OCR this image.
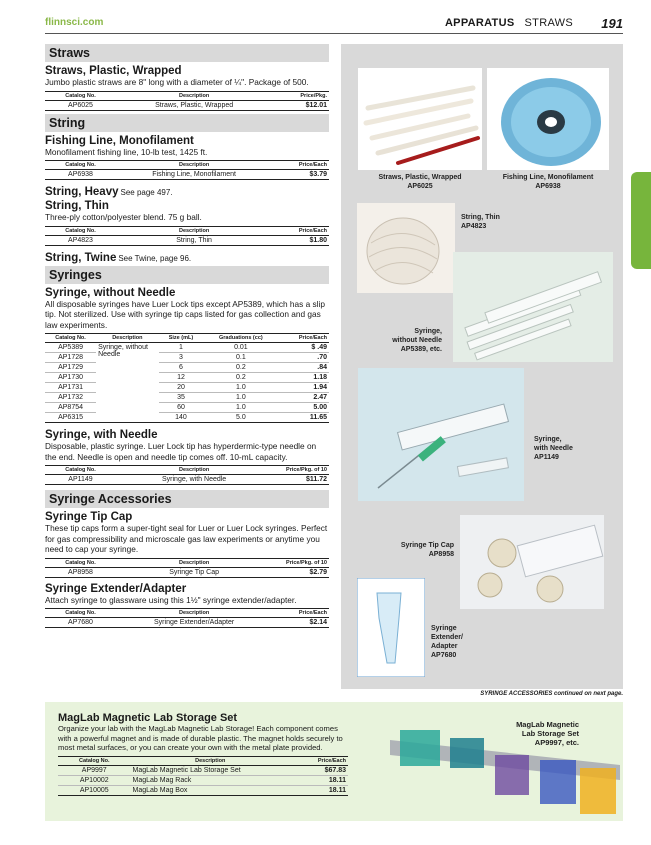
flinnsci.com	APPARATUS STRAWS 191
Straws
Straws, Plastic, Wrapped
Jumbo plastic straws are 8" long with a diameter of ¼". Package of 500.
Catalog No.	Description	Price/Pkg.
AP6025	Straws, Plastic, Wrapped	$12.01
String
Fishing Line, Monofilament
Monofilament fishing line, 10-lb test, 1425 ft.
Catalog No.	Description	Price/Each
AP6938	Fishing Line, Monofilament	$3.79
String, Heavy See page 497.
String, Thin
Three-ply cotton/polyester blend. 75 g ball.
Catalog No.	Description	Price/Each
AP4823	String, Thin	$1.80
String, Twine See Twine, page 96.
Syringes
Syringe, without Needle
All disposable syringes have Luer Lock tips except AP5389, which has a slip tip. Not sterilized. Use with syringe tip caps listed for gas collection and gas law experiments.
Catalog No.	Description	Size (mL)	Graduations (cc)	Price/Each
AP5389	Syringe, without Needle	1	0.01	$ .49
AP1728		3	0.1	.70
AP1729		6	0.2	.84
AP1730		12	0.2	1.18
AP1731		20	1.0	1.94
AP1732		35	1.0	2.47
AP8754		60	1.0	5.00
AP6315		140	5.0	11.65
Syringe, with Needle
Disposable, plastic syringe. Luer Lock tip has hyperdermic-type needle on the end. Needle is open and needle tip comes off. 10-mL capacity.
Catalog No.	Description	Price/Pkg. of 10
AP1149	Syringe, with Needle	$11.72
Syringe Accessories
Syringe Tip Cap
These tip caps form a super-tight seal for Luer or Luer Lock syringes. Perfect for gas compressibility and microscale gas law experiments or anytime you need to cap your syringe.
Catalog No.	Description	Price/Pkg. of 10
AP8958	Syringe Tip Cap	$2.79
Syringe Extender/Adapter
Attach syringe to glassware using this 1½" syringe extender/adapter.
Catalog No.	Description	Price/Each
AP7680	Syringe Extender/Adapter	$2.14
Straws, Plastic, Wrapped
AP6025
Fishing Line, Monofilament
AP6938
String, Thin
AP4823
Syringe,
without Needle
AP5389, etc.
Syringe,
with Needle
AP1149
Syringe Tip Cap
AP8958
Syringe
Extender/
Adapter
AP7680
SYRINGE ACCESSORIES continued on next page.
MagLab Magnetic Lab Storage Set
Organize your lab with the MagLab Magnetic Lab Storage! Each component comes with a powerful magnet and is made of durable plastic. The magnet holds securely to most metal surfaces, or you can create your own with the metal plate provided.
Catalog No.	Description	Price/Each
AP9997	MagLab Magnetic Lab Storage Set	$67.83
AP10002	MagLab Mag Rack	18.11
AP10005	MagLab Mag Box	18.11
MagLab Magnetic
Lab Storage Set
AP9997, etc.
